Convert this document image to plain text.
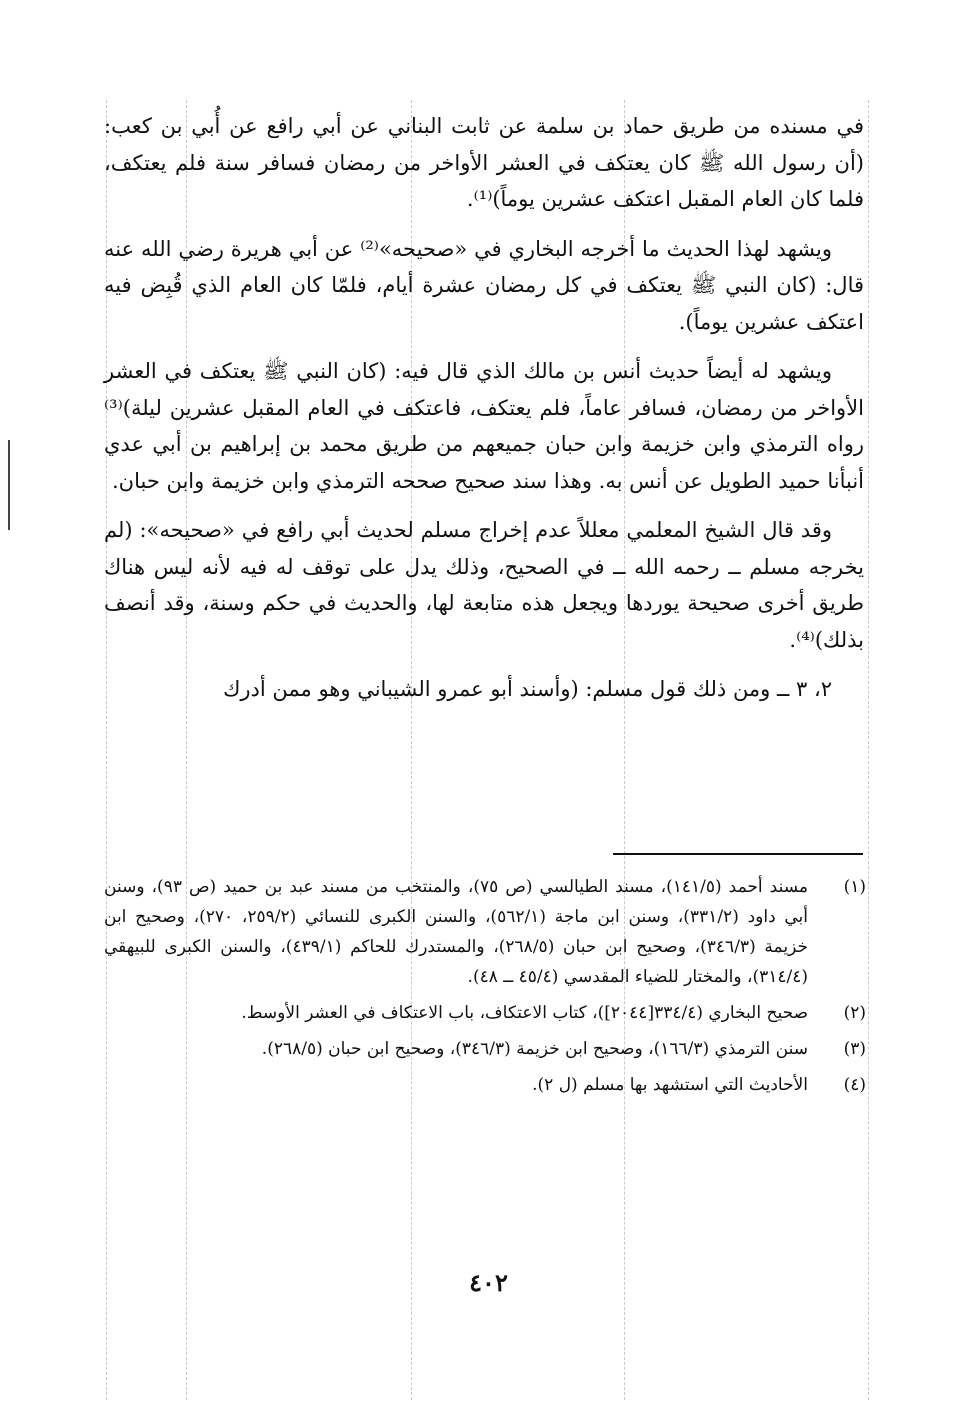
في مسنده من طريق حماد بن سلمة عن ثابت البناني عن أبي رافع عن أُبي بن كعب: (أن رسول الله ﷺ كان يعتكف في العشر الأواخر من رمضان فسافر سنة فلم يعتكف، فلما كان العام المقبل اعتكف عشرين يوماً)⁽¹⁾.

ويشهد لهذا الحديث ما أخرجه البخاري في «صحيحه»⁽²⁾ عن أبي هريرة رضي الله عنه قال: (كان النبي ﷺ يعتكف في كل رمضان عشرة أيام، فلمّا كان العام الذي قُبِض فيه اعتكف عشرين يوماً).

ويشهد له أيضاً حديث أنس بن مالك الذي قال فيه: (كان النبي ﷺ يعتكف في العشر الأواخر من رمضان، فسافر عاماً، فلم يعتكف، فاعتكف في العام المقبل عشرين ليلة)⁽³⁾ رواه الترمذي وابن خزيمة وابن حبان جميعهم من طريق محمد بن إبراهيم بن أبي عدي أنبأنا حميد الطويل عن أنس به. وهذا سند صحيح صححه الترمذي وابن خزيمة وابن حبان.

وقد قال الشيخ المعلمي معللاً عدم إخراج مسلم لحديث أبي رافع في «صحيحه»: (لم يخرجه مسلم ــ رحمه الله ــ في الصحيح، وذلك يدل على توقف له فيه لأنه ليس هناك طريق أخرى صحيحة يوردها ويجعل هذه متابعة لها، والحديث في حكم وسنة، وقد أنصف بذلك)⁽⁴⁾.

٢، ٣ ــ ومن ذلك قول مسلم: (وأسند أبو عمرو الشيباني وهو ممن أدرك

(١)
مسند أحمد (١٤١/٥)، مسند الطيالسي (ص ٧٥)، والمنتخب من مسند عبد بن حميد (ص ٩٣)، وسنن أبي داود (٣٣١/٢)، وسنن ابن ماجة (٥٦٢/١)، والسنن الكبرى للنسائي (٢٥٩/٢، ٢٧٠)، وصحيح ابن خزيمة (٣٤٦/٣)، وصحيح ابن حبان (٢٦٨/٥)، والمستدرك للحاكم (٤٣٩/١)، والسنن الكبرى للبيهقي (٣١٤/٤)، والمختار للضياء المقدسي (٤٥/٤ ــ ٤٨).
(٢)
صحيح البخاري (٣٣٤/٤[٢٠٤٤])، كتاب الاعتكاف، باب الاعتكاف في العشر الأوسط.
(٣)
سنن الترمذي (١٦٦/٣)، وصحيح ابن خزيمة (٣٤٦/٣)، وصحيح ابن حبان (٢٦٨/٥).
(٤)
الأحاديث التي استشهد بها مسلم (ل ٢).
٤٠٢
